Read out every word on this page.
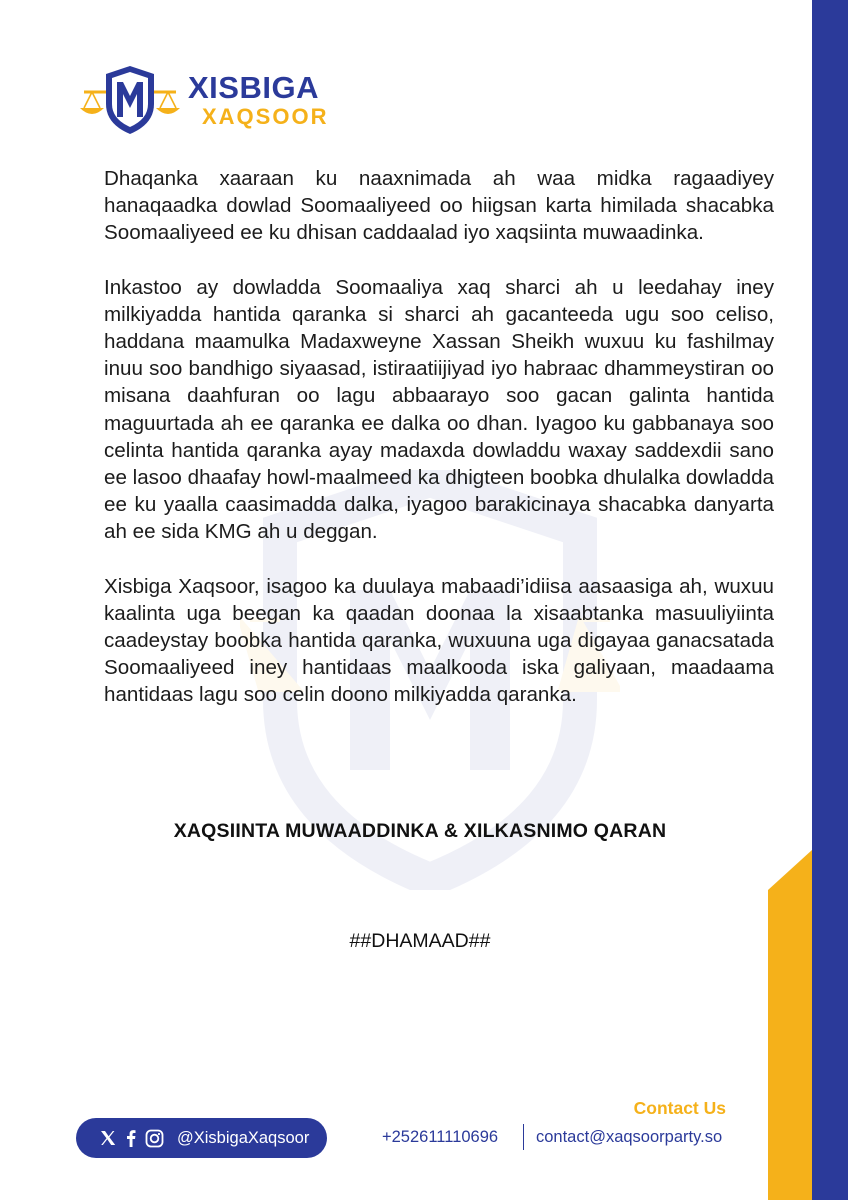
XISBIGA
XAQSOOR

Dhaqanka xaaraan ku naaxnimada ah waa midka ragaadiyey hanaqaadka dowlad Soomaaliyeed oo hiigsan karta himilada shacabka Soomaaliyeed ee ku dhisan caddaalad iyo xaqsiinta muwaadinka.

Inkastoo ay dowladda Soomaaliya xaq sharci ah u leedahay iney milkiyadda hantida qaranka si sharci ah gacanteeda ugu soo celiso, haddana maamulka Madaxweyne Xassan Sheikh wuxuu ku fashilmay inuu soo bandhigo siyaasad, istiraatiijiyad iyo habraac dhammeystiran oo misana daahfuran oo lagu abbaarayo soo gacan galinta hantida maguurtada ah ee qaranka ee dalka oo dhan. Iyagoo ku gabbanaya soo celinta hantida qaranka ayay madaxda dowladdu waxay saddexdii sano ee lasoo dhaafay howl-maalmeed ka dhigteen boobka dhulalka dowladda ee ku yaalla caasimadda dalka, iyagoo barakicinaya shacabka danyarta ah ee sida KMG ah u deggan.

Xisbiga Xaqsoor, isagoo ka duulaya mabaadi’idiisa aasaasiga ah, wuxuu kaalinta uga beegan ka qaadan doonaa la xisaabtanka masuuliyiinta caadeystay boobka hantida qaranka, wuxuuna uga digayaa ganacsatada Soomaaliyeed iney hantidaas maalkooda iska galiyaan, maadaama hantidaas lagu soo celin doono milkiyadda qaranka.

XAQSIINTA MUWAADDINKA & XILKASNIMO QARAN
##DHAMAAD##
@XisbigaXaqsoor
Contact Us
+252611110696 contact@xaqsoorparty.so
